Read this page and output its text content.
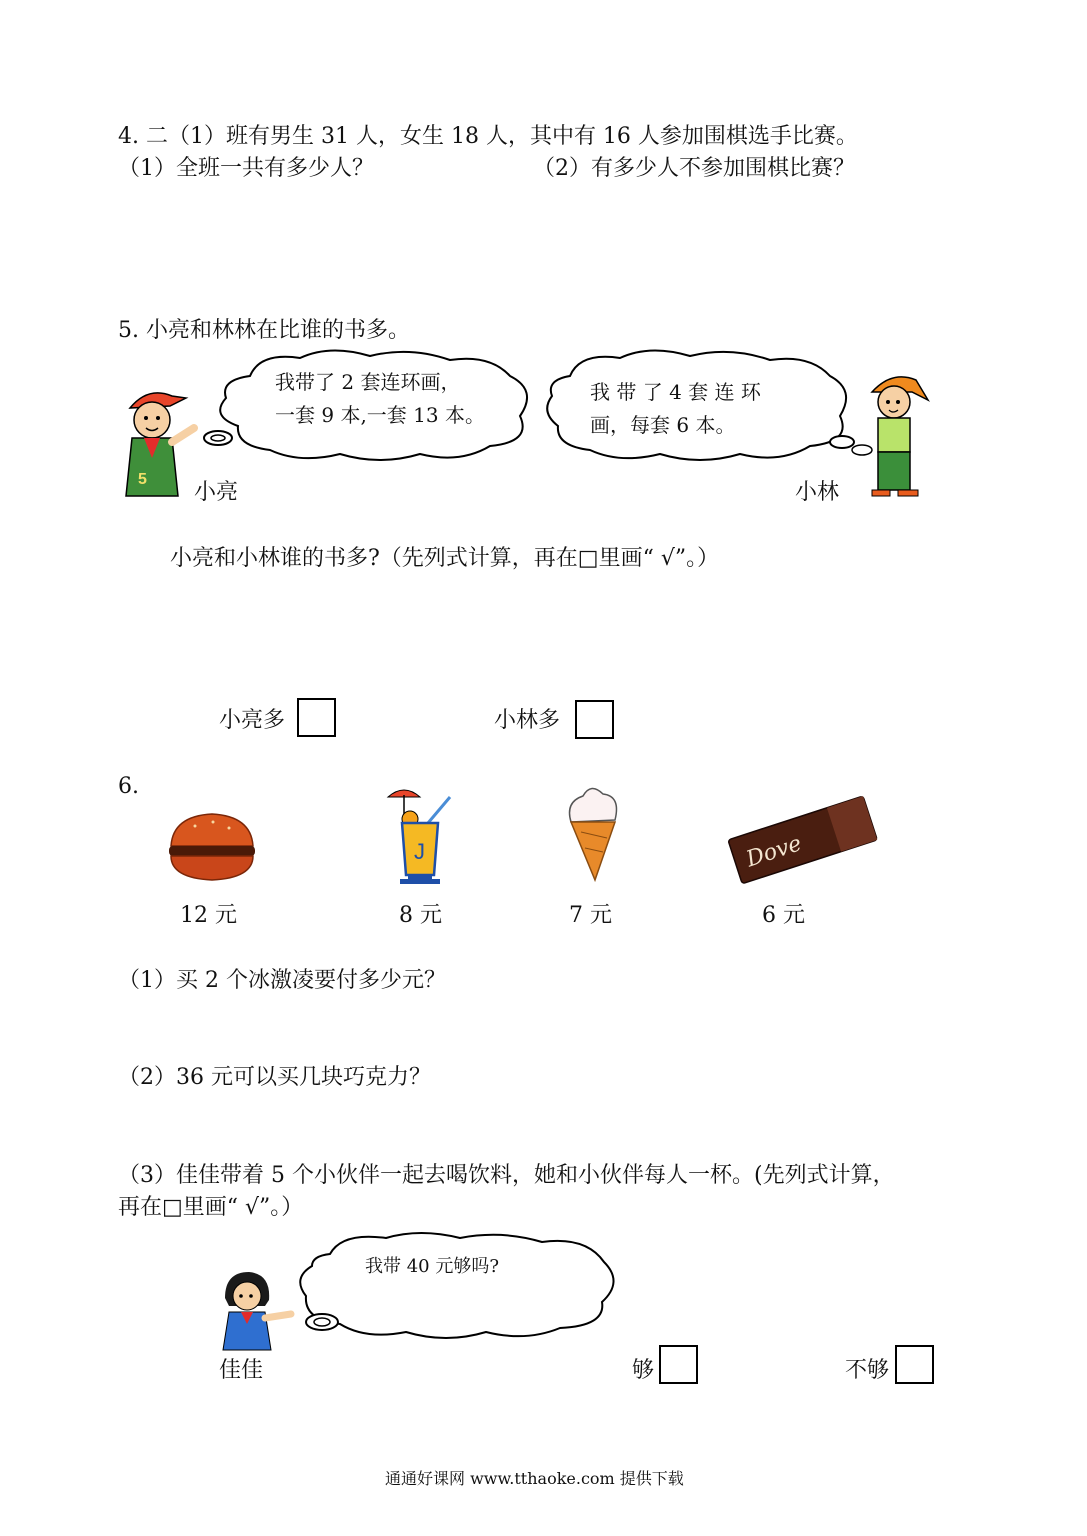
4. 二（1）班有男生 31 人，女生 18 人，其中有 16 人参加围棋选手比赛。
（1）全班一共有多少人？	（2）有多少人不参加围棋比赛？
5. 小亮和林林在比谁的书多。
5
我带了 2 套连环画，
一套 9 本,一套 13 本。
我 带 了 4 套 连 环
画，每套 6 本。
小亮	小林
小亮和小林谁的书多?（先列式计算，再在□里画“ √”。）
小亮多	小林多
6.
12 元
J
8 元	7 元
Dove
6 元
（1）买 2 个冰激凌要付多少元？
（2）36 元可以买几块巧克力？
（3）佳佳带着 5 个小伙伴一起去喝饮料，她和小伙伴每人一杯。(先列式计算，
再在□里画“ √”。）
我带 40 元够吗?
佳佳	够	不够
通通好课网 www.tthaoke.com 提供下载
